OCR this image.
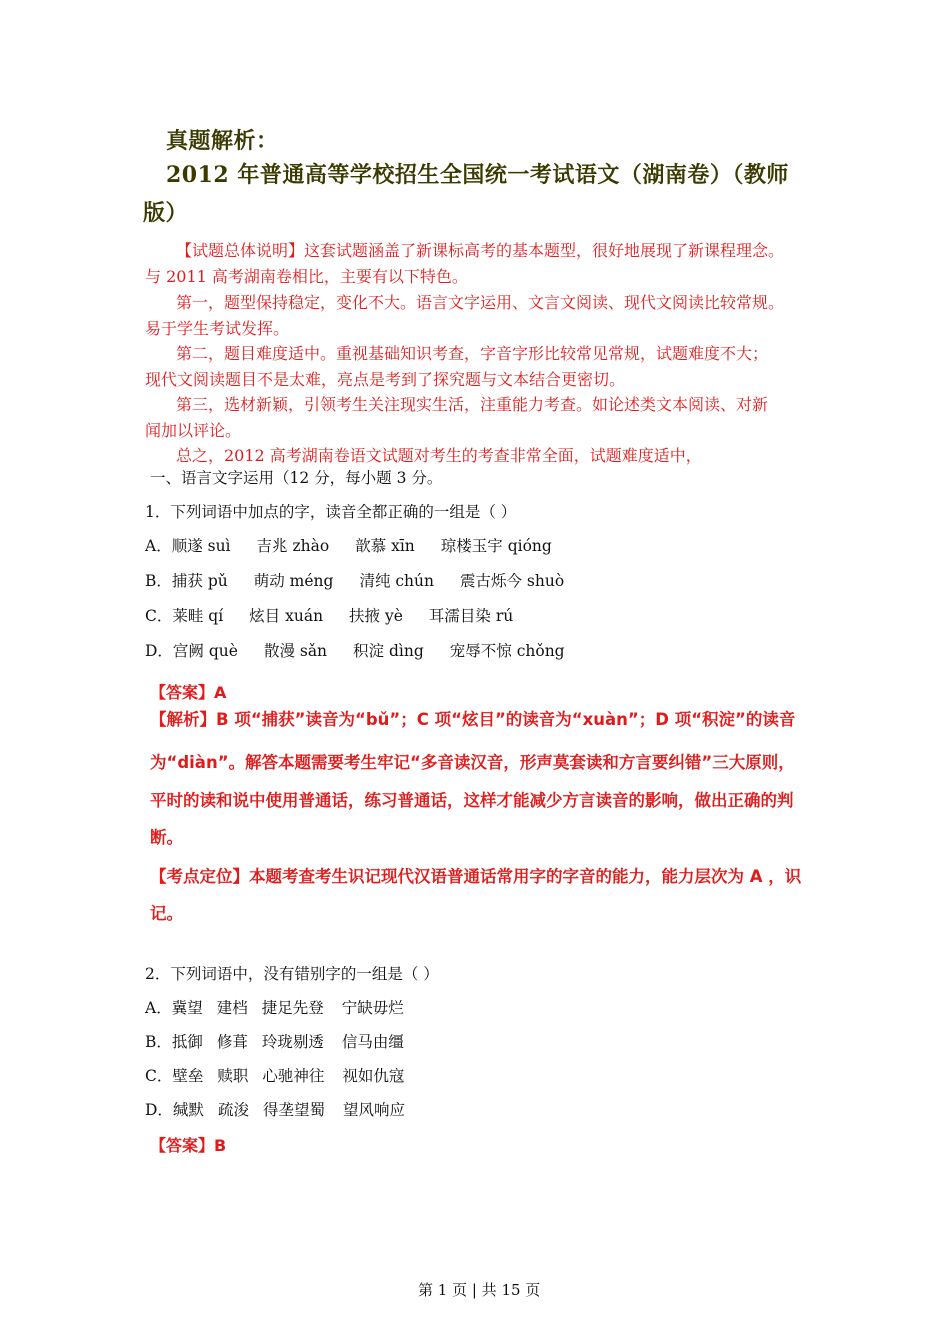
真题解析：
2012 年普通高等学校招生全国统一考试语文（湖南卷）（教师
版）
【试题总体说明】这套试题涵盖了新课标高考的基本题型，很好地展现了新课程理念。
与 2011 高考湖南卷相比，主要有以下特色。
第一，题型保持稳定，变化不大。语言文字运用、文言文阅读、现代文阅读比较常规。
易于学生考试发挥。
第二，题目难度适中。重视基础知识考查，字音字形比较常见常规，试题难度不大；
现代文阅读题目不是太难，亮点是考到了探究题与文本结合更密切。
第三，选材新颖，引领考生关注现实生活，注重能力考查。如论述类文本阅读、对新
闻加以评论。
总之，2012 高考湖南卷语文试题对考生的考查非常全面，试题难度适中，
一、语言文字运用（12 分，每小题 3 分。
1．下列词语中加点的字，读音全都正确的一组是（ ）
A．顺遂 suì 吉兆 zhào 歆慕 xīn 琼楼玉宇 qióng
B．捕获 pǔ 萌动 méng 清纯 chún 震古烁今 shuò
C．莱畦 qí 炫目 xuán 扶掖 yè 耳濡目染 rú
D．宫阙 què 散漫 sǎn 积淀 dìng 宠辱不惊 chǒng
【答案】A
【解析】B 项“捕获”读音为“bǔ”；C 项“炫目”的读音为“xuàn”；D 项“积淀”的读音
为“diàn”。解答本题需要考生牢记“多音读汉音，形声莫套读和方言要纠错”三大原则，
平时的读和说中使用普通话，练习普通话，这样才能减少方言读音的影响，做出正确的判
断。
【考点定位】本题考查考生识记现代汉语普通话常用字的字音的能力，能力层次为 A ，识
记。
2．下列词语中，没有错别字的一组是（ ）
A．冀望 建档 捷足先登 宁缺毋烂
B．抵御 修葺 玲珑剔透 信马由缰
C．壁垒 赎职 心驰神往 视如仇寇
D．缄默 疏浚 得垄望蜀 望风响应
【答案】B
第 1 页 | 共 15 页
